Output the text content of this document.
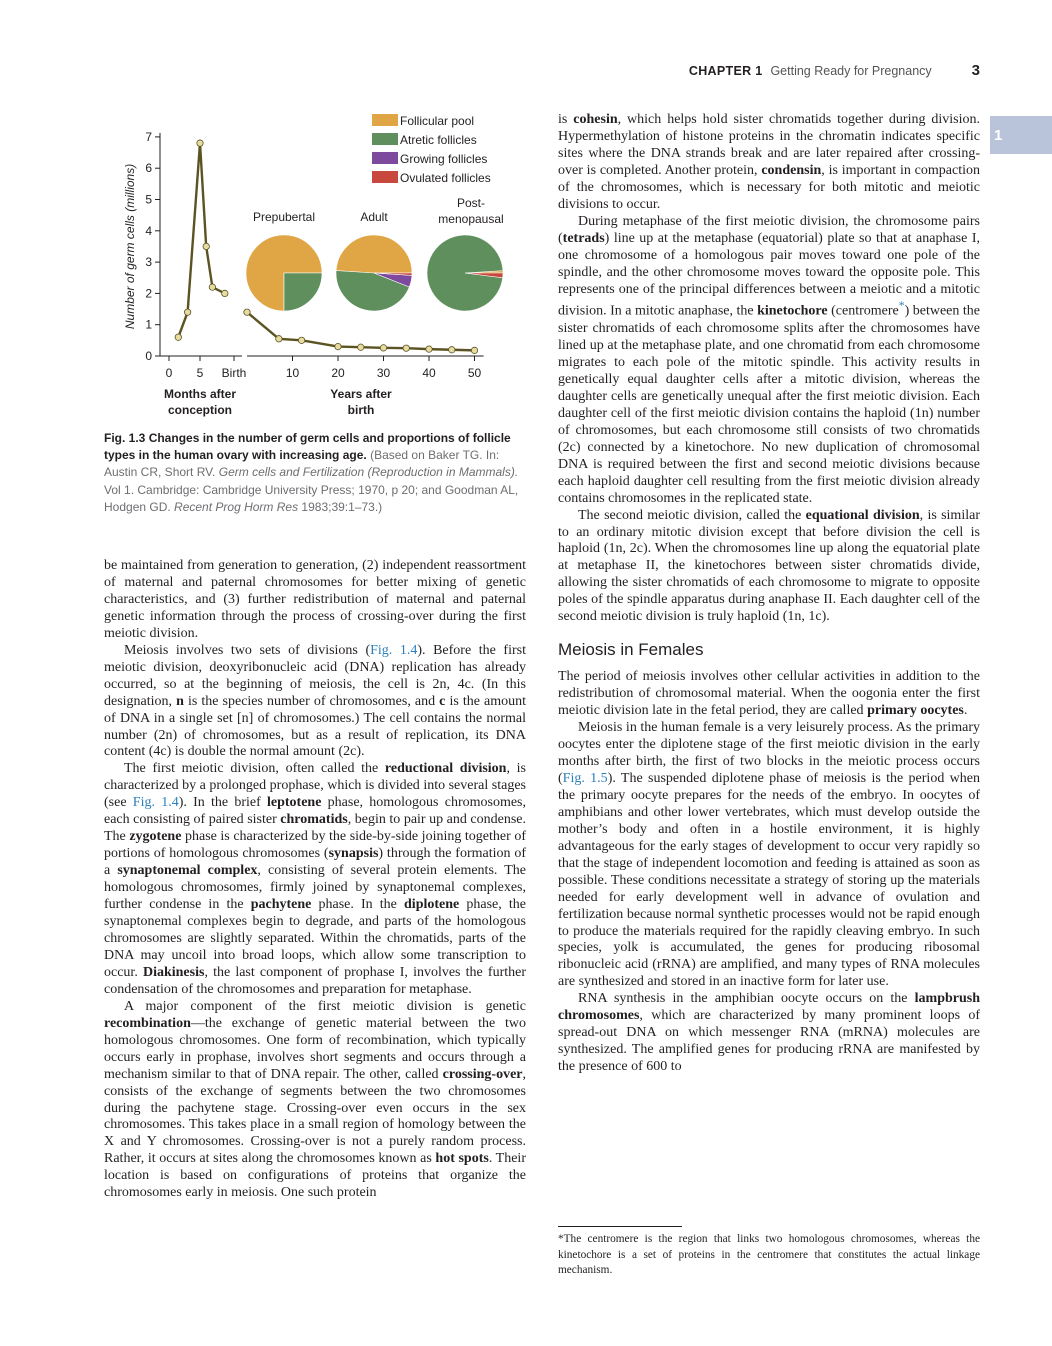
CHAPTER 1 Getting Ready for Pregnancy	3
1
0
1
2
3
4
5
6
7
Number of germ cells (millions)
0 5 Birth	10	20	30	40	50
Months after
conception
Years after
birth
Follicular pool
Atretic follicles
Growing follicles
Ovulated follicles
Prepubertal	Adult
Post-
menopausal
Fig. 1.3 Changes in the number of germ cells and proportions of follicle types in the human ovary with increasing age. (Based on Baker TG. In: Austin CR, Short RV. Germ cells and Fertilization (Reproduction in Mammals). Vol 1. Cambridge: Cambridge University Press; 1970, p 20; and Goodman AL, Hodgen GD. Recent Prog Horm Res 1983;39:1–73.)

be maintained from generation to generation, (2) independent reassortment of maternal and paternal chromosomes for better mixing of genetic characteristics, and (3) further redistribution of maternal and paternal genetic information through the process of crossing-over during the first meiotic division.

Meiosis involves two sets of divisions (Fig. 1.4). Before the first meiotic division, deoxyribonucleic acid (DNA) replication has already occurred, so at the beginning of meiosis, the cell is 2n, 4c. (In this designation, n is the species number of chromosomes, and c is the amount of DNA in a single set [n] of chromosomes.) The cell contains the normal number (2n) of chromosomes, but as a result of replication, its DNA content (4c) is double the normal amount (2c).

The first meiotic division, often called the reductional division, is characterized by a prolonged prophase, which is divided into several stages (see Fig. 1.4). In the brief leptotene phase, homologous chromosomes, each consisting of paired sister chromatids, begin to pair up and condense. The zygotene phase is characterized by the side-by-side joining together of portions of homologous chromosomes (synapsis) through the formation of a synaptonemal complex, consisting of several protein elements. The homologous chromosomes, firmly joined by synaptonemal complexes, further condense in the pachytene phase. In the diplotene phase, the synaptonemal complexes begin to degrade, and parts of the homologous chromosomes are slightly separated. Within the chromatids, parts of the DNA may uncoil into broad loops, which allow some transcription to occur. Diakinesis, the last component of prophase I, involves the further condensation of the chromosomes and preparation for metaphase.

A major component of the first meiotic division is genetic recombination—the exchange of genetic material between the two homologous chromosomes. One form of recombination, which typically occurs early in prophase, involves short segments and occurs through a mechanism similar to that of DNA repair. The other, called crossing-over, consists of the exchange of segments between the two chromosomes during the pachytene stage. Crossing-over even occurs in the sex chromosomes. This takes place in a small region of homology between the X and Y chromosomes. Crossing-over is not a purely random process. Rather, it occurs at sites along the chromosomes known as hot spots. Their location is based on configurations of proteins that organize the chromosomes early in meiosis. One such protein

is cohesin, which helps hold sister chromatids together during division. Hypermethylation of histone proteins in the chromatin indicates specific sites where the DNA strands break and are later repaired after crossing-over is completed. Another protein, condensin, is important in compaction of the chromosomes, which is necessary for both mitotic and meiotic divisions to occur.

During metaphase of the first meiotic division, the chromosome pairs (tetrads) line up at the metaphase (equatorial) plate so that at anaphase I, one chromosome of a homologous pair moves toward one pole of the spindle, and the other chromosome moves toward the opposite pole. This represents one of the principal differences between a meiotic and a mitotic division. In a mitotic anaphase, the kinetochore (centromere*) between the sister chromatids of each chromosome splits after the chromosomes have lined up at the metaphase plate, and one chromatid from each chromosome migrates to each pole of the mitotic spindle. This activity results in genetically equal daughter cells after a mitotic division, whereas the daughter cells are genetically unequal after the first meiotic division. Each daughter cell of the first meiotic division contains the haploid (1n) number of chromosomes, but each chromosome still consists of two chromatids (2c) connected by a kinetochore. No new duplication of chromosomal DNA is required between the first and second meiotic divisions because each haploid daughter cell resulting from the first meiotic division already contains chromosomes in the replicated state.

The second meiotic division, called the equational division, is similar to an ordinary mitotic division except that before division the cell is haploid (1n, 2c). When the chromosomes line up along the equatorial plate at metaphase II, the kinetochores between sister chromatids divide, allowing the sister chromatids of each chromosome to migrate to opposite poles of the spindle apparatus during anaphase II. Each daughter cell of the second meiotic division is truly haploid (1n, 1c).

Meiosis in Females

The period of meiosis involves other cellular activities in addition to the redistribution of chromosomal material. When the oogonia enter the first meiotic division late in the fetal period, they are called primary oocytes.

Meiosis in the human female is a very leisurely process. As the primary oocytes enter the diplotene stage of the first meiotic division in the early months after birth, the first of two blocks in the meiotic process occurs (Fig. 1.5). The suspended diplotene phase of meiosis is the period when the primary oocyte prepares for the needs of the embryo. In oocytes of amphibians and other lower vertebrates, which must develop outside the mother’s body and often in a hostile environment, it is highly advantageous for the early stages of development to occur very rapidly so that the stage of independent locomotion and feeding is attained as soon as possible. These conditions necessitate a strategy of storing up the materials needed for early development well in advance of ovulation and fertilization because normal synthetic processes would not be rapid enough to produce the materials required for the rapidly cleaving embryo. In such species, yolk is accumulated, the genes for producing ribosomal ribonucleic acid (rRNA) are amplified, and many types of RNA molecules are synthesized and stored in an inactive form for later use.

RNA synthesis in the amphibian oocyte occurs on the lampbrush chromosomes, which are characterized by many prominent loops of spread-out DNA on which messenger RNA (mRNA) molecules are synthesized. The amplified genes for producing rRNA are manifested by the presence of 600 to

*The centromere is the region that links two homologous chromosomes, whereas the kinetochore is a set of proteins in the centromere that constitutes the actual linkage mechanism.
